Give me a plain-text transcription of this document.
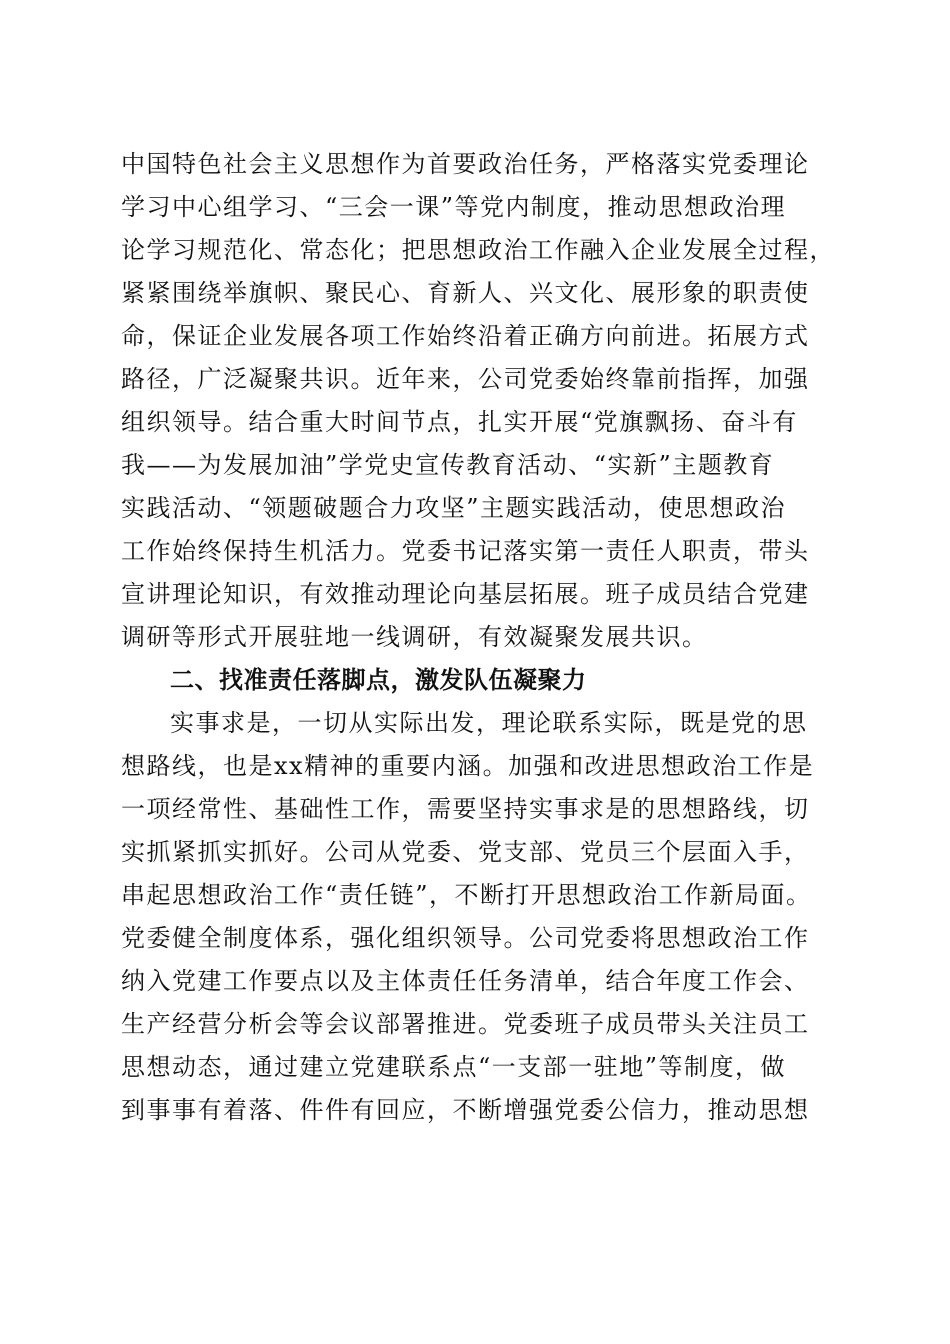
中国特色社会主义思想作为首要政治任务，严格落实党委理论
学习中心组学习、“三会一课”等党内制度，推动思想政治理
论学习规范化、常态化；把思想政治工作融入企业发展全过程，
紧紧围绕举旗帜、聚民心、育新人、兴文化、展形象的职责使
命，保证企业发展各项工作始终沿着正确方向前进。拓展方式
路径，广泛凝聚共识。近年来，公司党委始终靠前指挥，加强
组织领导。结合重大时间节点，扎实开展“党旗飘扬、奋斗有
我——为发展加油”学党史宣传教育活动、“实新”主题教育
实践活动、“领题破题合力攻坚”主题实践活动，使思想政治
工作始终保持生机活力。党委书记落实第一责任人职责，带头
宣讲理论知识，有效推动理论向基层拓展。班子成员结合党建
调研等形式开展驻地一线调研，有效凝聚发展共识。
二、找准责任落脚点，激发队伍凝聚力
实事求是，一切从实际出发，理论联系实际，既是党的思
想路线，也是xx精神的重要内涵。加强和改进思想政治工作是
一项经常性、基础性工作，需要坚持实事求是的思想路线，切
实抓紧抓实抓好。公司从党委、党支部、党员三个层面入手，
串起思想政治工作“责任链”，不断打开思想政治工作新局面。
党委健全制度体系，强化组织领导。公司党委将思想政治工作
纳入党建工作要点以及主体责任任务清单，结合年度工作会、
生产经营分析会等会议部署推进。党委班子成员带头关注员工
思想动态，通过建立党建联系点“一支部一驻地”等制度，做
到事事有着落、件件有回应，不断增强党委公信力，推动思想
